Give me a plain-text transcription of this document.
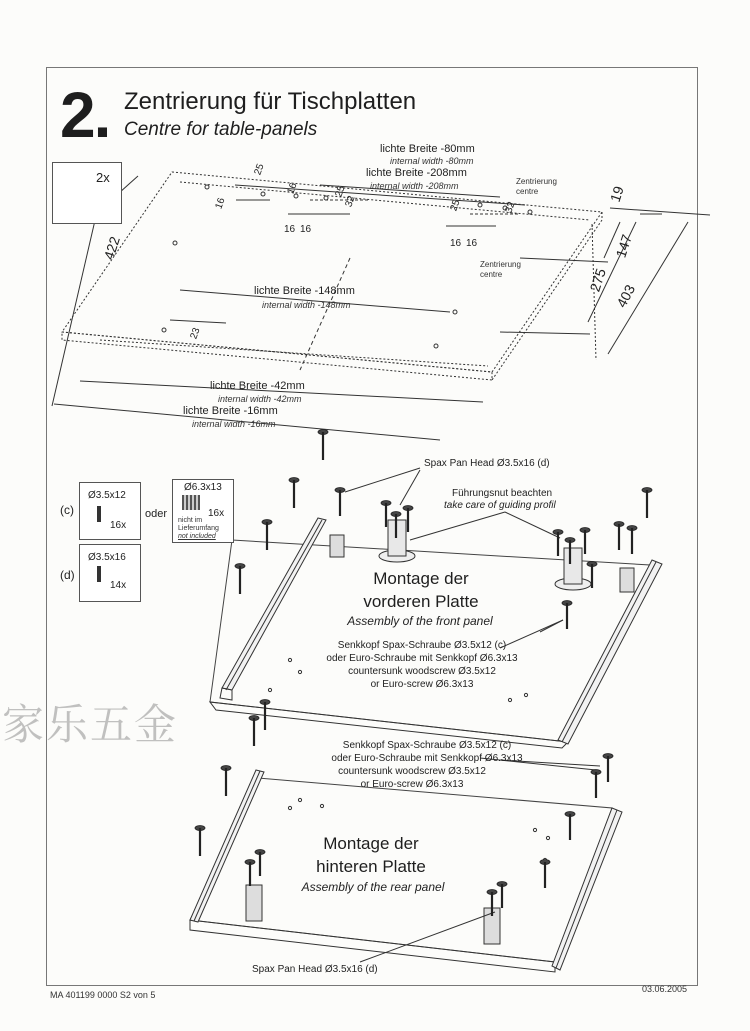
2. Zentrierung für Tischplatten
Centre for table-panels
2x
lichte Breite -80mm
internal width -80mm
lichte Breite -208mm
internal width -208mm	Zentrierung
centre
Zentrierung
centre
lichte Breite -148mm
internal width -148mm
lichte Breite -42mm
internal width -42mm
lichte Breite -16mm
internal width -16mm
422
19
147
275
403
25
16
16	25
32
16 16
25	32
16 16
23
(c)
Ø3.5x12
16x
oder
Ø6.3x13
16x
nicht im
Lieferumfang
not included
(d)
Ø3.5x16
14x
Spax Pan Head Ø3.5x16 (d)
Führungsnut beachten
take care of guiding profil
Montage der
vorderen Platte
Assembly of the front panel
Senkkopf Spax-Schraube Ø3.5x12 (c)
oder Euro-Schraube mit Senkkopf Ø6.3x13
countersunk woodscrew Ø3.5x12
or Euro-screw Ø6.3x13
Senkkopf Spax-Schraube Ø3.5x12 (c)
oder Euro-Schraube mit Senkkopf Ø6.3x13
countersunk woodscrew Ø3.5x12
or Euro-screw Ø6.3x13
Montage der
hinteren Platte
Assembly of the rear panel
Spax Pan Head Ø3.5x16 (d)
家乐五金
MA 401199 0000 S2 von 5
03.06.2005
